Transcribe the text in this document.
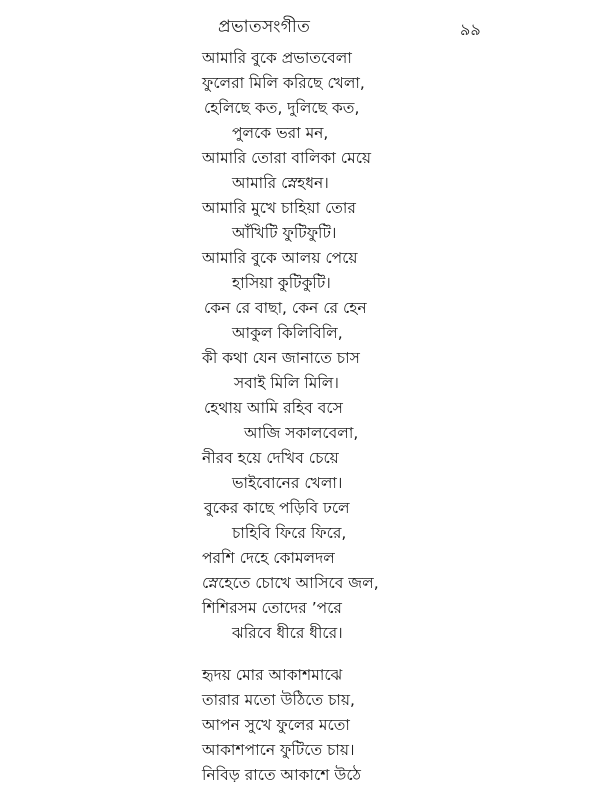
প্রভাতসংগীত	৯৯
আমারি বুকে প্রভাতবেলা
ফুলেরা মিলি করিছে খেলা,
হেলিছে কত, দুলিছে কত,
পুলকে ভরা মন,
আমারি তোরা বালিকা মেয়ে
আমারি স্নেহধন।
আমারি মুখে চাহিয়া তোর
আঁখিটি ফুটিফুটি।
আমারি বুকে আলয় পেয়ে
হাসিয়া কুটিকুটি।
কেন রে বাছা, কেন রে হেন
আকুল কিলিবিলি,
কী কথা যেন জানাতে চাস
সবাই মিলি মিলি।
হেথায় আমি রহিব বসে
আজি সকালবেলা,
নীরব হয়ে দেখিব চেয়ে
ভাইবোনের খেলা।
বুকের কাছে পড়িবি ঢলে
চাহিবি ফিরে ফিরে,
পরশি দেহে কোমলদল
স্নেহেতে চোখে আসিবে জল,
শিশিরসম তোদের ’পরে
ঝরিবে ধীরে ধীরে।
হৃদয় মোর আকাশমাঝে
তারার মতো উঠিতে চায়,
আপন সুখে ফুলের মতো
আকাশপানে ফুটিতে চায়।
নিবিড় রাতে আকাশে উঠে
